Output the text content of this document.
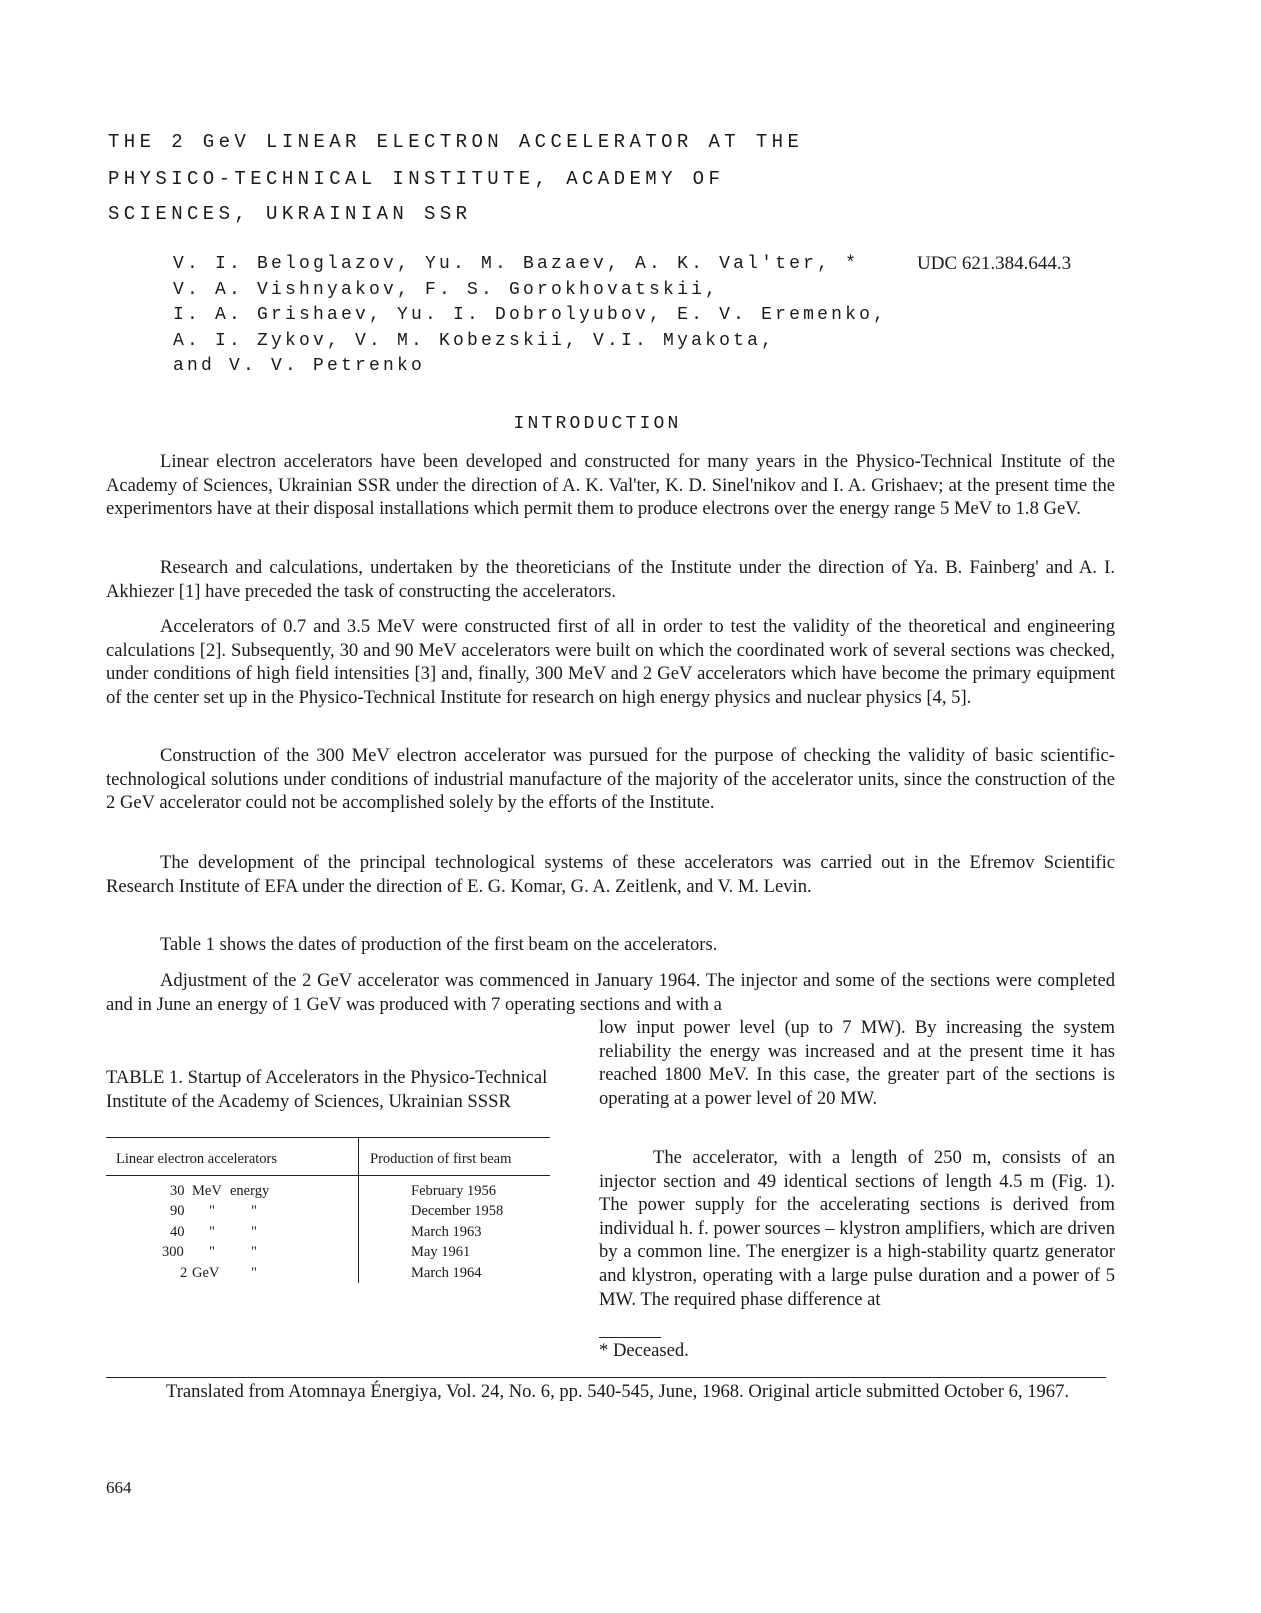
THE 2 GeV LINEAR ELECTRON ACCELERATOR AT THE
PHYSICO-TECHNICAL INSTITUTE, ACADEMY OF
SCIENCES, UKRAINIAN SSR
V. I. Beloglazov, Yu. M. Bazaev, A. K. Val'ter, *
V. A. Vishnyakov, F. S. Gorokhovatskii,
I. A. Grishaev, Yu. I. Dobrolyubov, E. V. Eremenko,
A. I. Zykov, V. M. Kobezskii, V.I. Myakota,
and V. V. Petrenko
UDC 621.384.644.3
INTRODUCTION

Linear electron accelerators have been developed and constructed for many years in the Physico-Technical Institute of the Academy of Sciences, Ukrainian SSR under the direction of A. K. Val'ter, K. D. Sinel'nikov and I. A. Grishaev; at the present time the experimentors have at their disposal installations which permit them to produce electrons over the energy range 5 MeV to 1.8 GeV.

Research and calculations, undertaken by the theoreticians of the Institute under the direction of Ya. B. Fainberg' and A. I. Akhiezer [1] have preceded the task of constructing the accelerators.

Accelerators of 0.7 and 3.5 MeV were constructed first of all in order to test the validity of the theoretical and engineering calculations [2]. Subsequently, 30 and 90 MeV accelerators were built on which the coordinated work of several sections was checked, under conditions of high field intensities [3] and, finally, 300 MeV and 2 GeV accelerators which have become the primary equipment of the center set up in the Physico-Technical Institute for research on high energy physics and nuclear physics [4, 5].

Construction of the 300 MeV electron accelerator was pursued for the purpose of checking the validity of basic scientific-technological solutions under conditions of industrial manufacture of the majority of the accelerator units, since the construction of the 2 GeV accelerator could not be accomplished solely by the efforts of the Institute.

The development of the principal technological systems of these accelerators was carried out in the Efremov Scientific Research Institute of EFA under the direction of E. G. Komar, G. A. Zeitlenk, and V. M. Levin.

Table 1 shows the dates of production of the first beam on the accelerators.

Adjustment of the 2 GeV accelerator was commenced in January 1964. The injector and some of the sections were completed and in June an energy of 1 GeV was produced with 7 operating sections and with a

low input power level (up to 7 MW). By increasing the system reliability the energy was increased and at the present time it has reached 1800 MeV. In this case, the greater part of the sections is operating at a power level of 20 MW.

The accelerator, with a length of 250 m, consists of an injector section and 49 identical sections of length 4.5 m (Fig. 1). The power supply for the accelerating sections is derived from individual h. f. power sources – klystron amplifiers, which are driven by a common line. The energizer is a high-stability quartz generator and klystron, operating with a large pulse duration and a power of 5 MW. The required phase difference at

TABLE 1. Startup of Accelerators in the Physico-Technical Institute of the Academy of Sciences, Ukrainian SSSR
Linear electron accelerators	Production of first beam
30 MeV energy	February 1956
90 " "	December 1958
40 " "	March 1963
300 " "	May 1961
2 GeV "	March 1964
* Deceased.
Translated from Atomnaya Énergiya, Vol. 24, No. 6, pp. 540-545, June, 1968. Original article submitted October 6, 1967.
664
